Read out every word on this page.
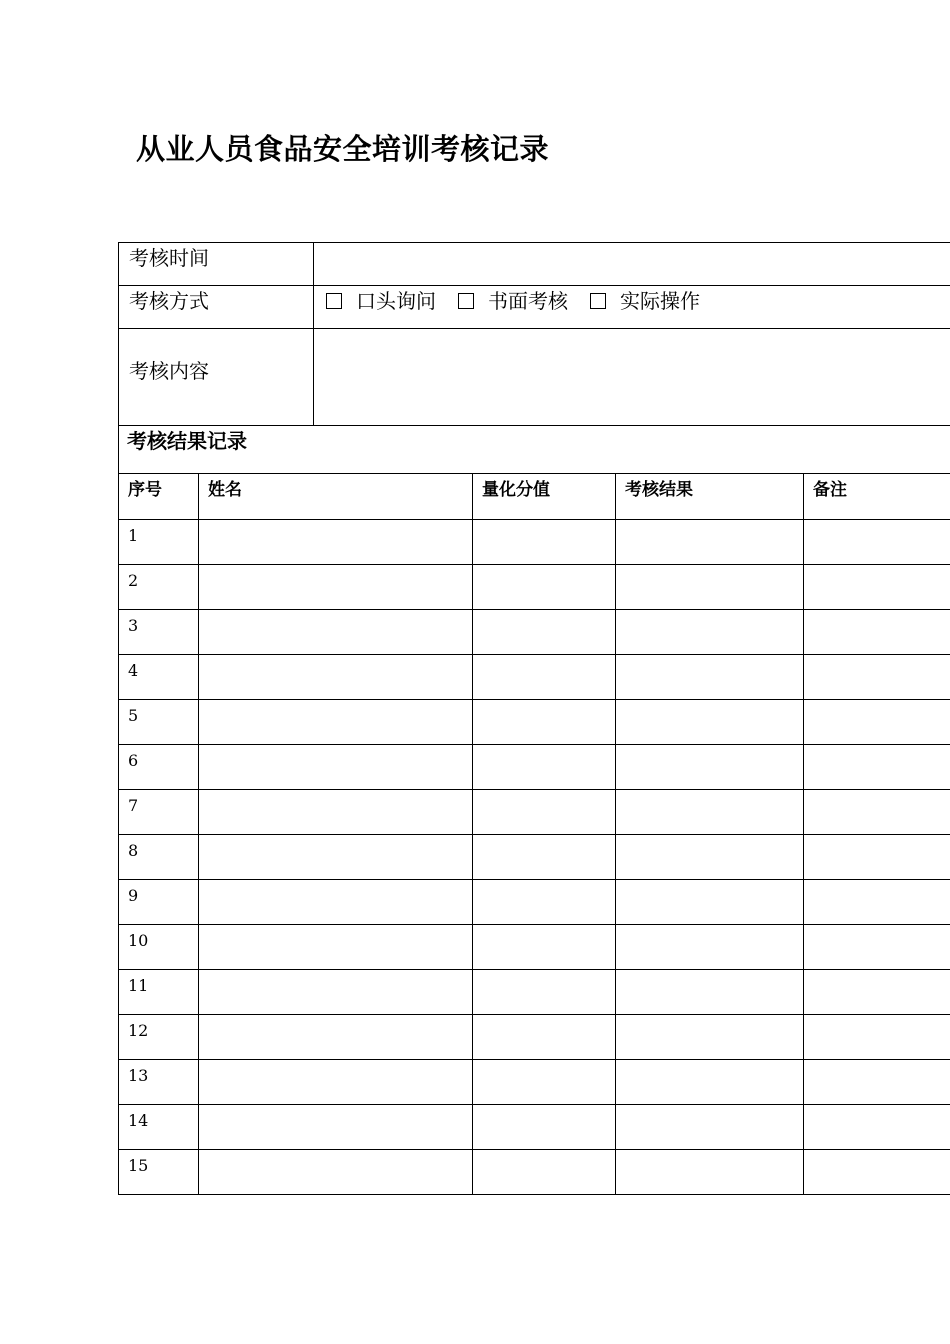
从业人员食品安全培训考核记录
考核时间					
考核方式		口头询问 书面考核 实际操作			
考核内容					
考核结果记录					
序号	姓名		量化分值	考核结果	备注
1					
2					
3					
4					
5					
6					
7					
8					
9					
10					
11					
12					
13					
14					
15					
